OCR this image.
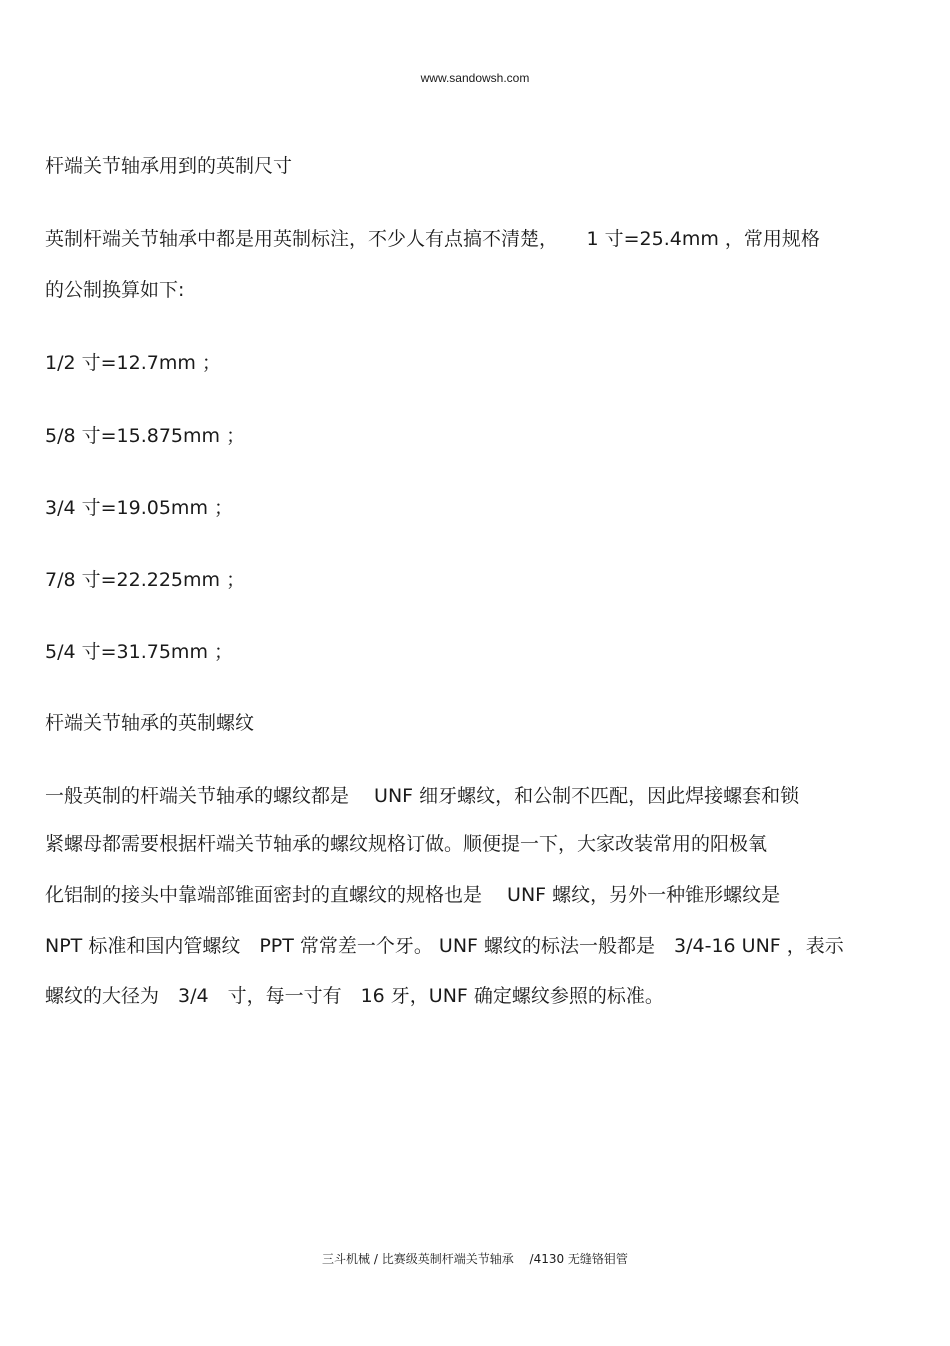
www.sandowsh.com
杆端关节轴承用到的英制尺寸
英制杆端关节轴承中都是用英制标注，不少人有点搞不清楚，　　1 寸=25.4mm ，常用规格
的公制换算如下:
1/2 寸=12.7mm ；
5/8 寸=15.875mm ；
3/4 寸=19.05mm ；
7/8 寸=22.225mm ；
5/4 寸=31.75mm ；
杆端关节轴承的英制螺纹
一般英制的杆端关节轴承的螺纹都是　 UNF 细牙螺纹，和公制不匹配，因此焊接螺套和锁
紧螺母都需要根据杆端关节轴承的螺纹规格订做。顺便提一下，大家改装常用的阳极氧
化铝制的接头中靠端部锥面密封的直螺纹的规格也是　 UNF 螺纹，另外一种锥形螺纹是
NPT 标准和国内管螺纹　PPT 常常差一个牙。 UNF 螺纹的标法一般都是　3/4-16 UNF ，表示
螺纹的大径为　3/4　寸，每一寸有　16 牙，UNF 确定螺纹参照的标准。
三斗机械 / 比赛级英制杆端关节轴承　 /4130 无缝铬钼管
